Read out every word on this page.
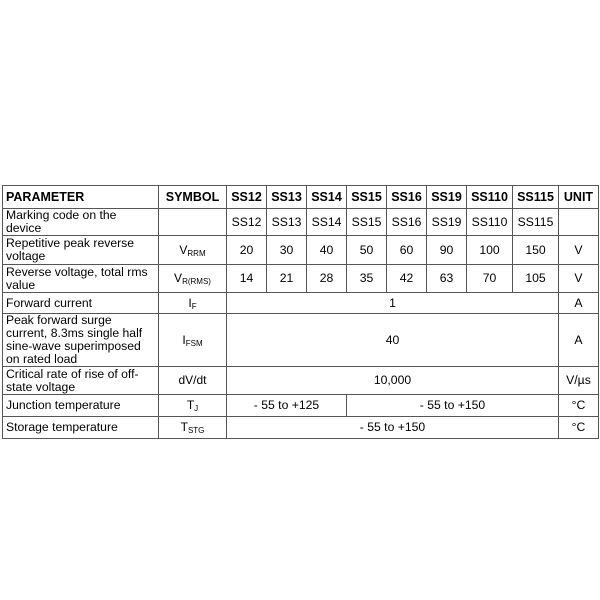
PARAMETER	SYMBOL	SS12	SS13	SS14	SS15	SS16	SS19	SS110	SS115	UNIT
Marking code on the device		SS12	SS13	SS14	SS15	SS16	SS19	SS110	SS115	
Repetitive peak reverse voltage	$V_{RRM}$	20	30	40	50	60	90	100	150	V
Reverse voltage, total rms value	$V_{R(RMS)}$	14	21	28	35	42	63	70	105	V
Forward current	$I_F$	1								A
Peak forward surge current, 8.3ms single half sine-wave superimposed on rated load	$I_{FSM}$	40								A
Critical rate of rise of off-state voltage	dV/dt	10,000								V/µs
Junction temperature	$T_J$	- 55 to +125			- 55 to +150					°C
Storage temperature	$T_{STG}$	- 55 to +150								°C
